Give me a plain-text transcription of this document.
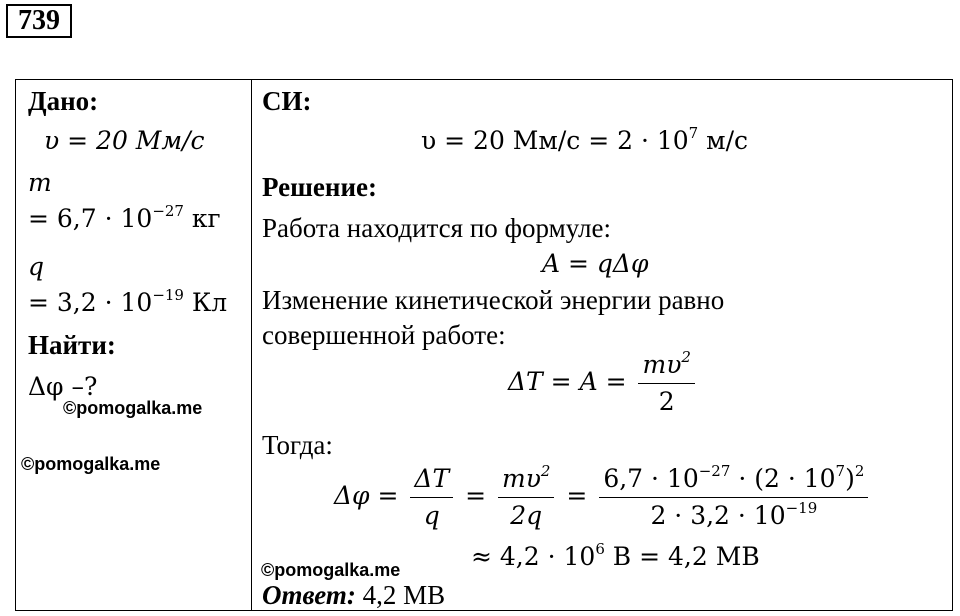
739
Дано:
υ = 20 Мм/с
m
= $6,7 \cdot 10^{-27}$ кг
q
= $3,2 \cdot 10^{-19}$ Кл
Найти:
Δφ –?
©pomogalka.me
©pomogalka.me
СИ:
υ = 20 $Мм/с = 2 \cdot 10^7$ м/с
Решение:
Работа находится по формуле:
A = qΔφ
Изменение кинетической энергии равно
совершенной работе:
$\Delta T = A = \frac{m\upsilon^2}{2}$
Тогда:
$\Delta\varphi = \frac{\Delta T}{q} = \frac{m\upsilon^2}{2q} = \frac{6,7 \cdot 10^{-27} \cdot (2 \cdot 10^7)^2}{2 \cdot 3,2 \cdot 10^{-19}}$
≈ $4,2 \cdot 10^6$ В = 4,2 МВ
©pomogalka.me
Ответ: 4,2 МВ
